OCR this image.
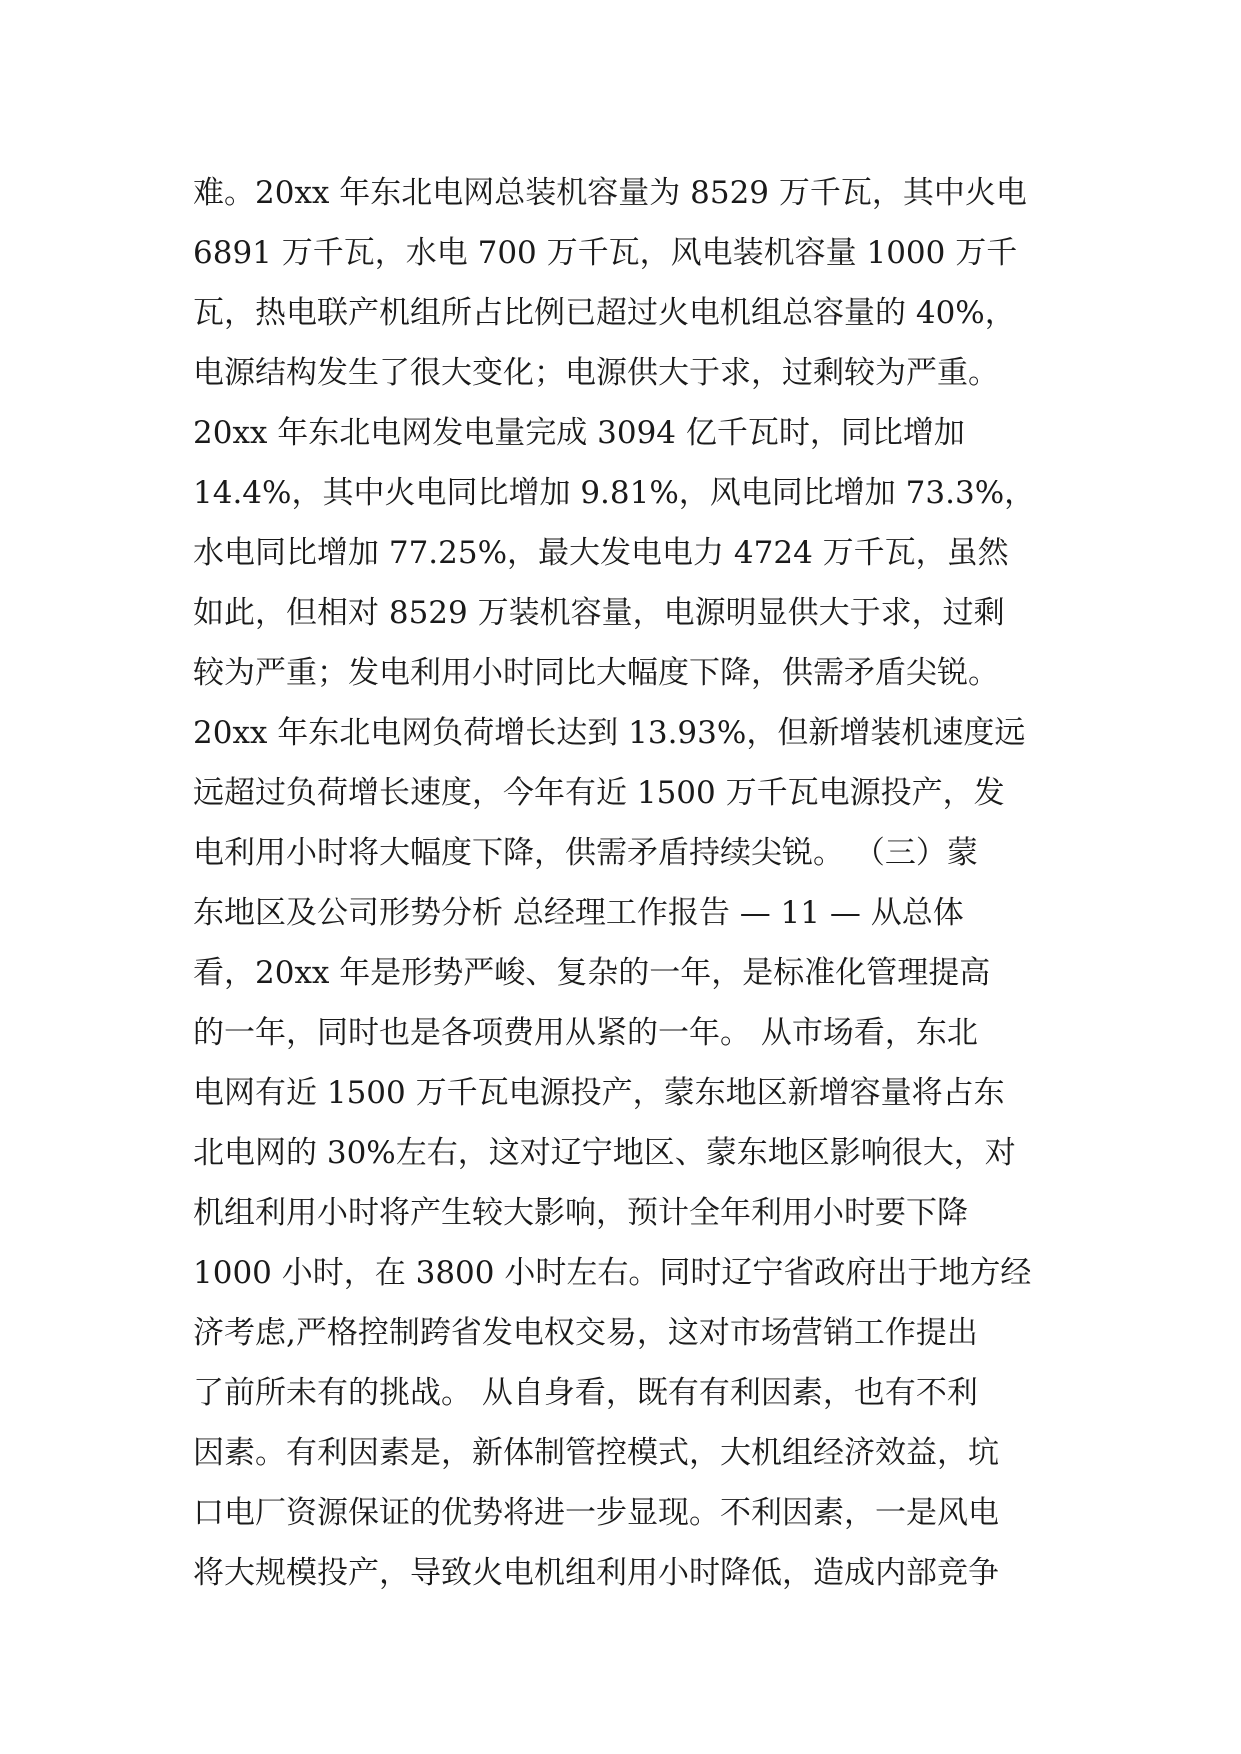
难。20xx 年东北电网总装机容量为 8529 万千瓦，其中火电
6891 万千瓦，水电 700 万千瓦，风电装机容量 1000 万千
瓦，热电联产机组所占比例已超过火电机组总容量的 40%，
电源结构发生了很大变化；电源供大于求，过剩较为严重。
20xx 年东北电网发电量完成 3094 亿千瓦时，同比增加
14.4%，其中火电同比增加 9.81%，风电同比增加 73.3%，
水电同比增加 77.25%，最大发电电力 4724 万千瓦，虽然
如此，但相对 8529 万装机容量，电源明显供大于求，过剩
较为严重；发电利用小时同比大幅度下降，供需矛盾尖锐。
20xx 年东北电网负荷增长达到 13.93%，但新增装机速度远
远超过负荷增长速度，今年有近 1500 万千瓦电源投产，发
电利用小时将大幅度下降，供需矛盾持续尖锐。 （三）蒙
东地区及公司形势分析 总经理工作报告 — 11 — 从总体
看，20xx 年是形势严峻、复杂的一年，是标准化管理提高
的一年，同时也是各项费用从紧的一年。 从市场看，东北
电网有近 1500 万千瓦电源投产，蒙东地区新增容量将占东
北电网的 30%左右，这对辽宁地区、蒙东地区影响很大，对
机组利用小时将产生较大影响，预计全年利用小时要下降
1000 小时，在 3800 小时左右。同时辽宁省政府出于地方经
济考虑,严格控制跨省发电权交易，这对市场营销工作提出
了前所未有的挑战。 从自身看，既有有利因素，也有不利
因素。有利因素是，新体制管控模式，大机组经济效益，坑
口电厂资源保证的优势将进一步显现。不利因素，一是风电
将大规模投产，导致火电机组利用小时降低，造成内部竞争
